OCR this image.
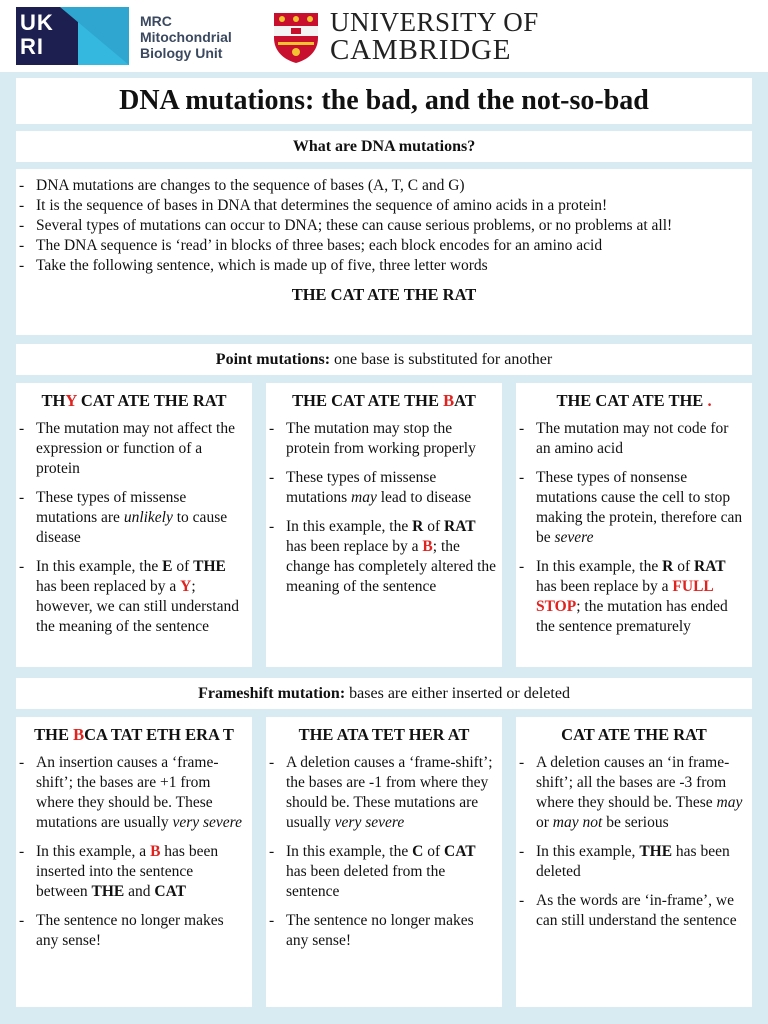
UK
RI
MRC
Mitochondrial
Biology Unit
UNIVERSITY OF
CAMBRIDGE
DNA mutations: the bad, and the not-so-bad
What are DNA mutations?
- DNA mutations are changes to the sequence of bases (A, T, C and G)
- It is the sequence of bases in DNA that determines the sequence of amino acids in a protein!
- Several types of mutations can occur to DNA; these can cause serious problems, or no problems at all!
- The DNA sequence is ‘read’ in blocks of three bases; each block encodes for an amino acid
- Take the following sentence, which is made up of five, three letter words
THE CAT ATE THE RAT
Point mutations: one base is substituted for another
THY CAT ATE THE RAT
- The mutation may not affect the expression or function of a protein
- These types of missense mutations are unlikely to cause disease
- In this example, the E of THE has been replaced by a Y; however, we can still understand the meaning of the sentence
THE CAT ATE THE BAT
- The mutation may stop the protein from working properly
- These types of missense mutations may lead to disease
- In this example, the R of RAT has been replace by a B; the change has completely altered the meaning of the sentence
THE CAT ATE THE .
- The mutation may not code for an amino acid
- These types of nonsense mutations cause the cell to stop making the protein, therefore can be severe
- In this example, the R of RAT has been replace by a FULL STOP; the mutation has ended the sentence prematurely
Frameshift mutation: bases are either inserted or deleted
THE BCA TAT ETH ERA T
- An insertion causes a ‘frame-shift’; the bases are +1 from where they should be. These mutations are usually very severe
- In this example, a B has been inserted into the sentence between THE and CAT
- The sentence no longer makes any sense!
THE ATA TET HER AT
- A deletion causes a ‘frame-shift’; the bases are -1 from where they should be. These mutations are usually very severe
- In this example, the C of CAT has been deleted from the sentence
- The sentence no longer makes any sense!
CAT ATE THE RAT
- A deletion causes an ‘in frame-shift’; all the bases are -3 from where they should be. These may or may not be serious
- In this example, THE has been deleted
- As the words are ‘in-frame’, we can still understand the sentence
